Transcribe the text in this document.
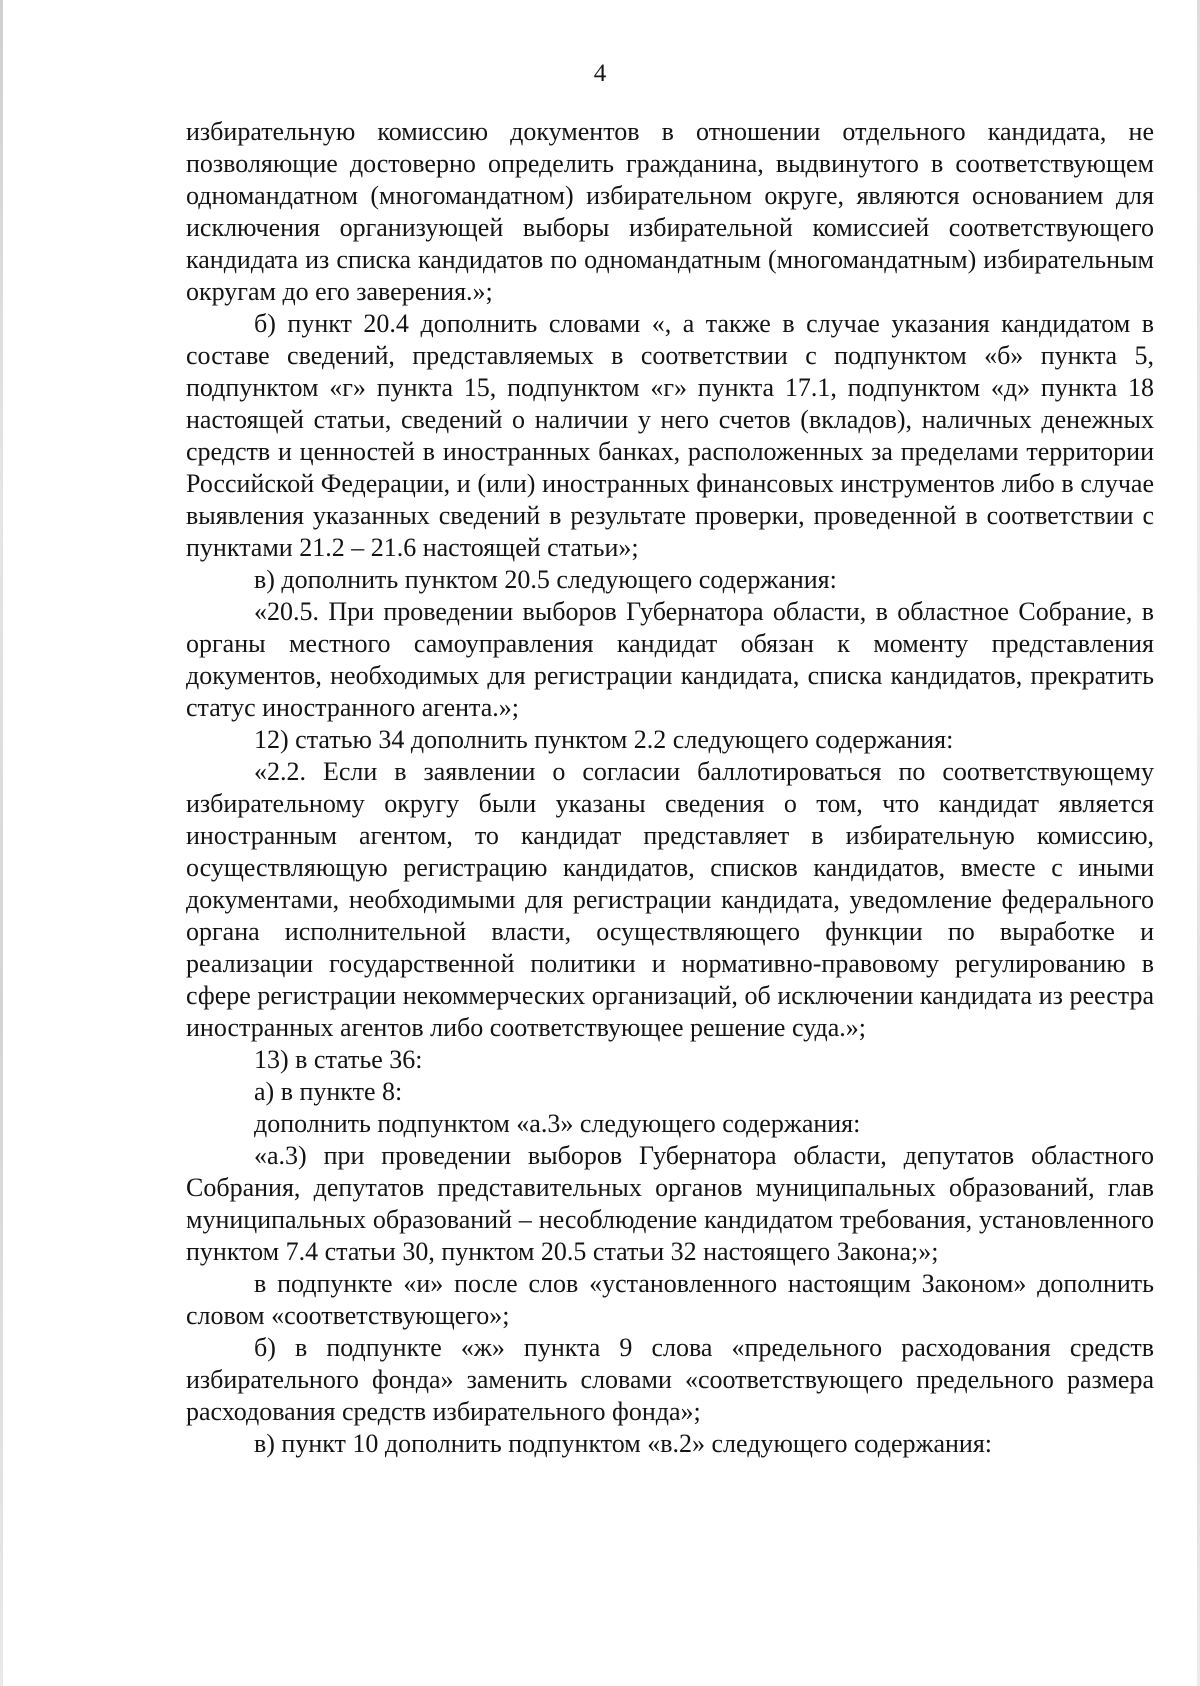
4

избирательную комиссию документов в отношении отдельного кандидата, не позволяющие достоверно определить гражданина, выдвинутого в соответствующем одномандатном (многомандатном) избирательном округе, являются основанием для исключения организующей выборы избирательной комиссией соответствующего кандидата из списка кандидатов по одномандатным (многомандатным) избирательным округам до его заверения.»;

б) пункт 20.4 дополнить словами «, а также в случае указания кандидатом в составе сведений, представляемых в соответствии с подпунктом «б» пункта 5, подпунктом «г» пункта 15, подпунктом «г» пункта 17.1, подпунктом «д» пункта 18 настоящей статьи, сведений о наличии у него счетов (вкладов), наличных денежных средств и ценностей в иностранных банках, расположенных за пределами территории Российской Федерации, и (или) иностранных финансовых инструментов либо в случае выявления указанных сведений в результате проверки, проведенной в соответствии с пунктами 21.2 – 21.6 настоящей статьи»;

в) дополнить пунктом 20.5 следующего содержания:

«20.5. При проведении выборов Губернатора области, в областное Собрание, в органы местного самоуправления кандидат обязан к моменту представления документов, необходимых для регистрации кандидата, списка кандидатов, прекратить статус иностранного агента.»;

12) статью 34 дополнить пунктом 2.2 следующего содержания:

«2.2. Если в заявлении о согласии баллотироваться по соответствующему избирательному округу были указаны сведения о том, что кандидат является иностранным агентом, то кандидат представляет в избирательную комиссию, осуществляющую регистрацию кандидатов, списков кандидатов, вместе с иными документами, необходимыми для регистрации кандидата, уведомление федерального органа исполнительной власти, осуществляющего функции по выработке и реализации государственной политики и нормативно-правовому регулированию в сфере регистрации некоммерческих организаций, об исключении кандидата из реестра иностранных агентов либо соответствующее решение суда.»;

13) в статье 36:

а) в пункте 8:

дополнить подпунктом «а.3» следующего содержания:

«а.3) при проведении выборов Губернатора области, депутатов областного Собрания, депутатов представительных органов муниципальных образований, глав муниципальных образований – несоблюдение кандидатом требования, установленного пунктом 7.4 статьи 30, пунктом 20.5 статьи 32 настоящего Закона;»;

в подпункте «и» после слов «установленного настоящим Законом» дополнить словом «соответствующего»;

б) в подпункте «ж» пункта 9 слова «предельного расходования средств избирательного фонда» заменить словами «соответствующего предельного размера расходования средств избирательного фонда»;

в) пункт 10 дополнить подпунктом «в.2» следующего содержания:
